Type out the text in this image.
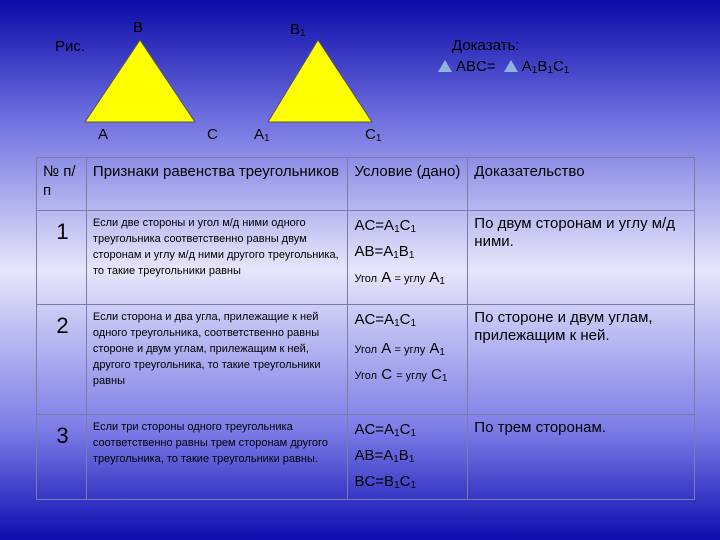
Рис.
B
A	C
$B_1$
$A_1$	$C_1$
Доказать:
$ABC= A_1B_1C_1$
№ п/п	Признаки равенства треугольников	Условие (дано)	Доказательство
1	Если две стороны и угол м/д ними одного треугольника соответственно равны двум сторонам и углу м/д ними другого треугольника, то такие треугольники равны	$AC=A_1C_1$
$AB=A_1B_1$
Угол A = углу $A_1$	По двум сторонам и углу м/д ними.
2	Если сторона и два угла, прилежащие к ней одного треугольника, соответственно равны стороне и двум углам, прилежащим к ней, другого треугольника, то такие треугольники равны	$AC=A_1C_1$
Угол A = углу $A_1$
Угол C = углу $C_1$	По стороне и двум углам, прилежащим к ней.
3	Если три стороны одного треугольника соответственно равны трем сторонам другого треугольника, то такие треугольники равны.	$AC=A_1C_1$
$AB=A_1B_1$
$BC=B_1C_1$	По трем сторонам.
